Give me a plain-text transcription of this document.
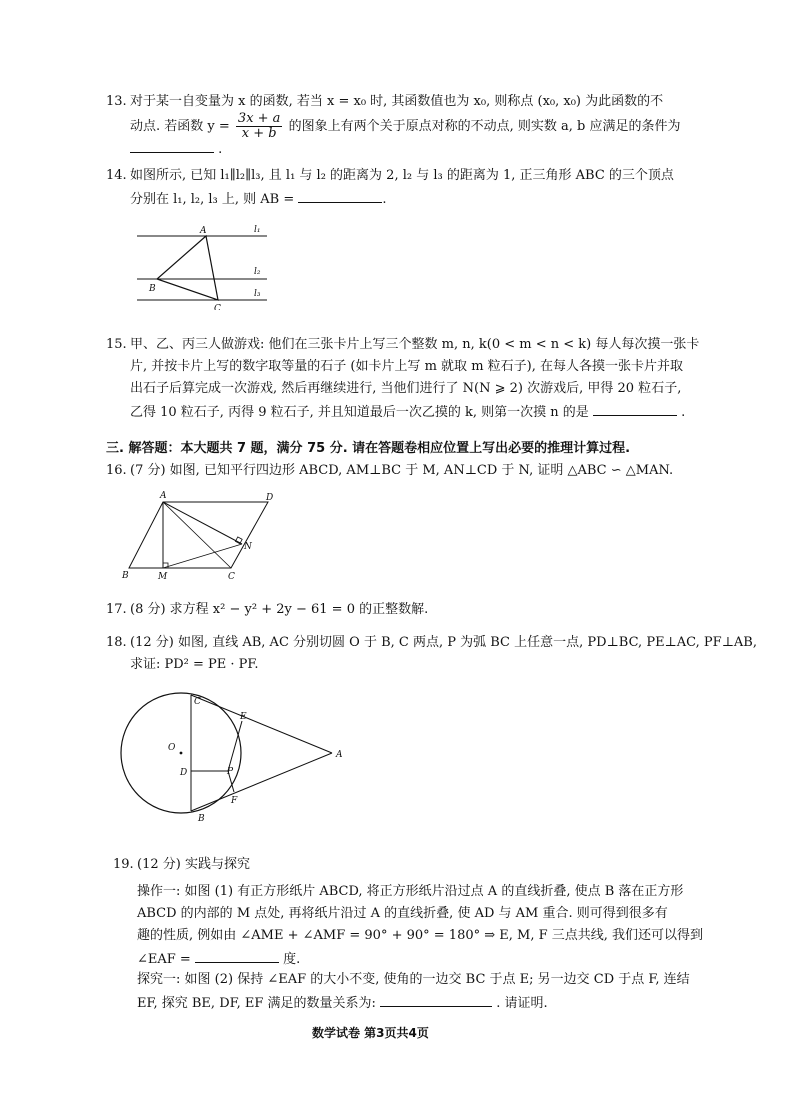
13. 对于某一自变量为 x 的函数, 若当 x = x₀ 时, 其函数值也为 x₀, 则称点 (x₀, x₀) 为此函数的不
动点. 若函数 $y = \frac{3x + a}{x + b}$ 的图象上有两个关于原点对称的不动点, 则实数 a, b 应满足的条件为
.
14. 如图所示, 已知 l₁∥l₂∥l₃, 且 l₁ 与 l₂ 的距离为 2, l₂ 与 l₃ 的距离为 1, 正三角形 ABC 的三个顶点
分别在 l₁, l₂, l₃ 上, 则 AB =	.
A
B
C
l₁
l₂
l₃
15. 甲、乙、丙三人做游戏: 他们在三张卡片上写三个整数 m, n, k(0 < m < n < k) 每人每次摸一张卡
片, 并按卡片上写的数字取等量的石子 (如卡片上写 m 就取 m 粒石子), 在每人各摸一张卡片并取
出石子后算完成一次游戏, 然后再继续进行, 当他们进行了 N(N ⩾ 2) 次游戏后, 甲得 20 粒石子,
乙得 10 粒石子, 丙得 9 粒石子, 并且知道最后一次乙摸的 k, 则第一次摸 n 的是	.
三. 解答题：本大题共 7 题，满分 75 分. 请在答题卷相应位置上写出必要的推理计算过程.
16. (7 分) 如图, 已知平行四边形 ABCD, AM⊥BC 于 M, AN⊥CD 于 N, 证明 △ABC ∽ △MAN.
A
B	C
D
M
N
17. (8 分) 求方程 x² − y² + 2y − 61 = 0 的正整数解.
18. (12 分) 如图, 直线 AB, AC 分别切圆 O 于 B, C 两点, P 为弧 BC 上任意一点, PD⊥BC, PE⊥AC, PF⊥AB,
求证: PD² = PE · PF.
O
C
B
A
D	P
E
F
19. (12 分) 实践与探究
操作一: 如图 (1) 有正方形纸片 ABCD, 将正方形纸片沿过点 A 的直线折叠, 使点 B 落在正方形
ABCD 的内部的 M 点处, 再将纸片沿过 A 的直线折叠, 使 AD 与 AM 重合. 则可得到很多有
趣的性质, 例如由 ∠AME + ∠AMF = 90° + 90° = 180° ⇒ E, M, F 三点共线, 我们还可以得到
∠EAF =	度.
探究一: 如图 (2) 保持 ∠EAF 的大小不变, 使角的一边交 BC 于点 E; 另一边交 CD 于点 F, 连结
EF, 探究 BE, DF, EF 满足的数量关系为:	. 请证明.
数学试卷 第3页共4页
